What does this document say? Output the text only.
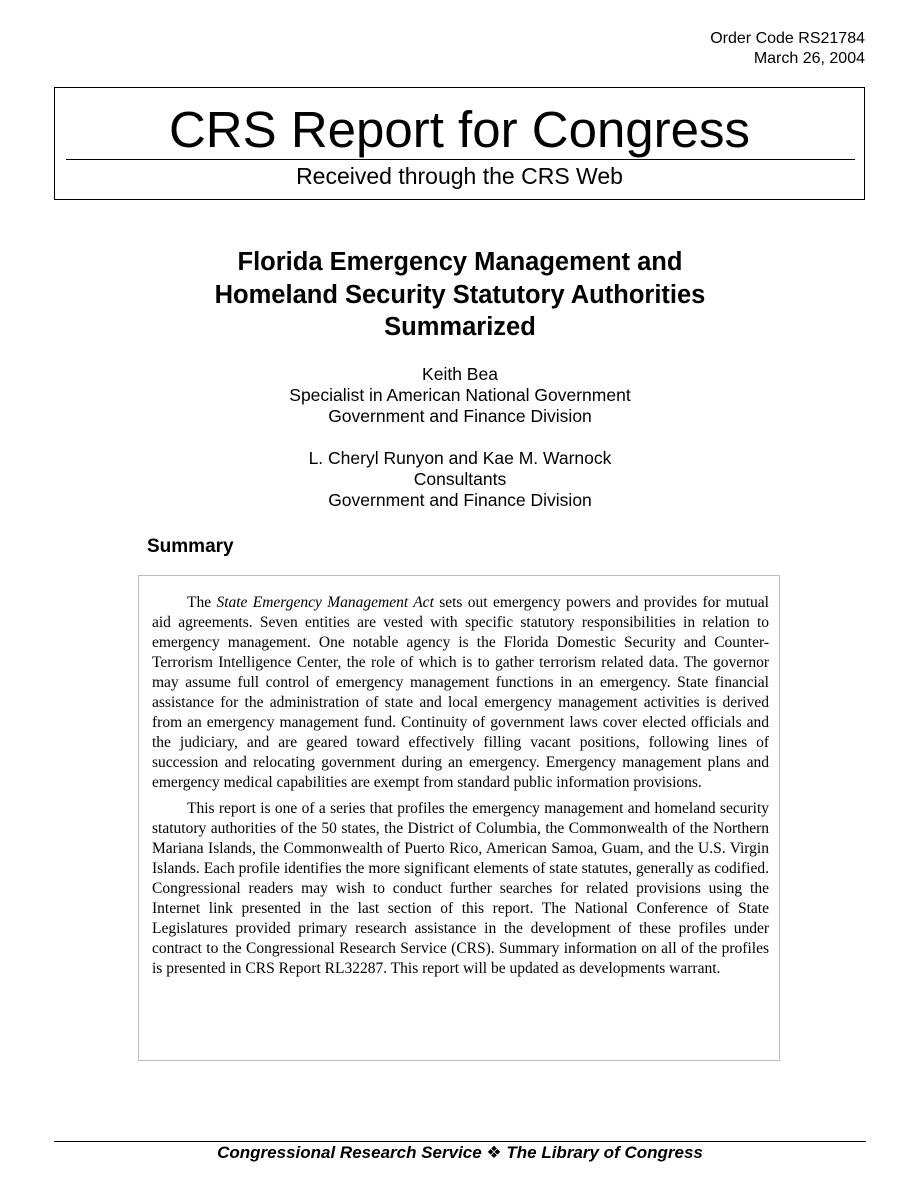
Order Code RS21784
March 26, 2004
CRS Report for Congress
Received through the CRS Web
Florida Emergency Management and
Homeland Security Statutory Authorities
Summarized
Keith Bea
Specialist in American National Government
Government and Finance Division
L. Cheryl Runyon and Kae M. Warnock
Consultants
Government and Finance Division
Summary

The State Emergency Management Act sets out emergency powers and provides for mutual aid agreements. Seven entities are vested with specific statutory responsibilities in relation to emergency management. One notable agency is the Florida Domestic Security and Counter-Terrorism Intelligence Center, the role of which is to gather terrorism related data. The governor may assume full control of emergency management functions in an emergency. State financial assistance for the administration of state and local emergency management activities is derived from an emergency management fund. Continuity of government laws cover elected officials and the judiciary, and are geared toward effectively filling vacant positions, following lines of succession and relocating government during an emergency. Emergency management plans and emergency medical capabilities are exempt from standard public information provisions.

This report is one of a series that profiles the emergency management and homeland security statutory authorities of the 50 states, the District of Columbia, the Commonwealth of the Northern Mariana Islands, the Commonwealth of Puerto Rico, American Samoa, Guam, and the U.S. Virgin Islands. Each profile identifies the more significant elements of state statutes, generally as codified. Congressional readers may wish to conduct further searches for related provisions using the Internet link presented in the last section of this report. The National Conference of State Legislatures provided primary research assistance in the development of these profiles under contract to the Congressional Research Service (CRS). Summary information on all of the profiles is presented in CRS Report RL32287. This report will be updated as developments warrant.

Congressional Research Service ❖ The Library of Congress
